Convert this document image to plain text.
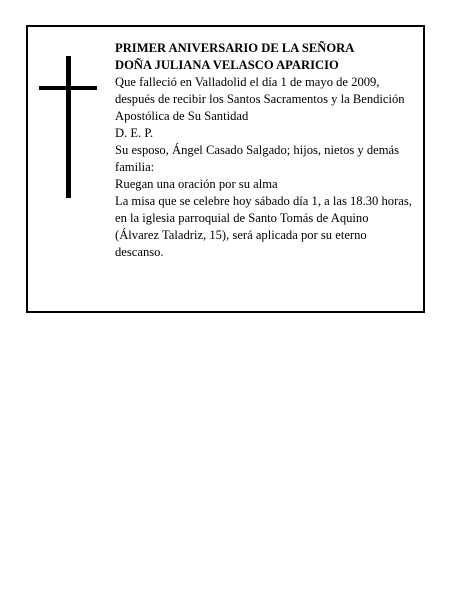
PRIMER ANIVERSARIO DE LA SEÑORA
DOÑA JULIANA VELASCO APARICIO

Que falleció en Valladolid el día 1 de mayo de 2009, después de recibir los Santos Sacramentos y la Bendición Apostólica de Su Santidad

D. E. P.

Su esposo, Ángel Casado Salgado; hijos, nietos y demás familia:

Ruegan una oración por su alma

La misa que se celebre hoy sábado día 1, a las 18.30 horas, en la iglesia parroquial de Santo Tomás de Aquino (Álvarez Taladriz, 15), será aplicada por su eterno descanso.
